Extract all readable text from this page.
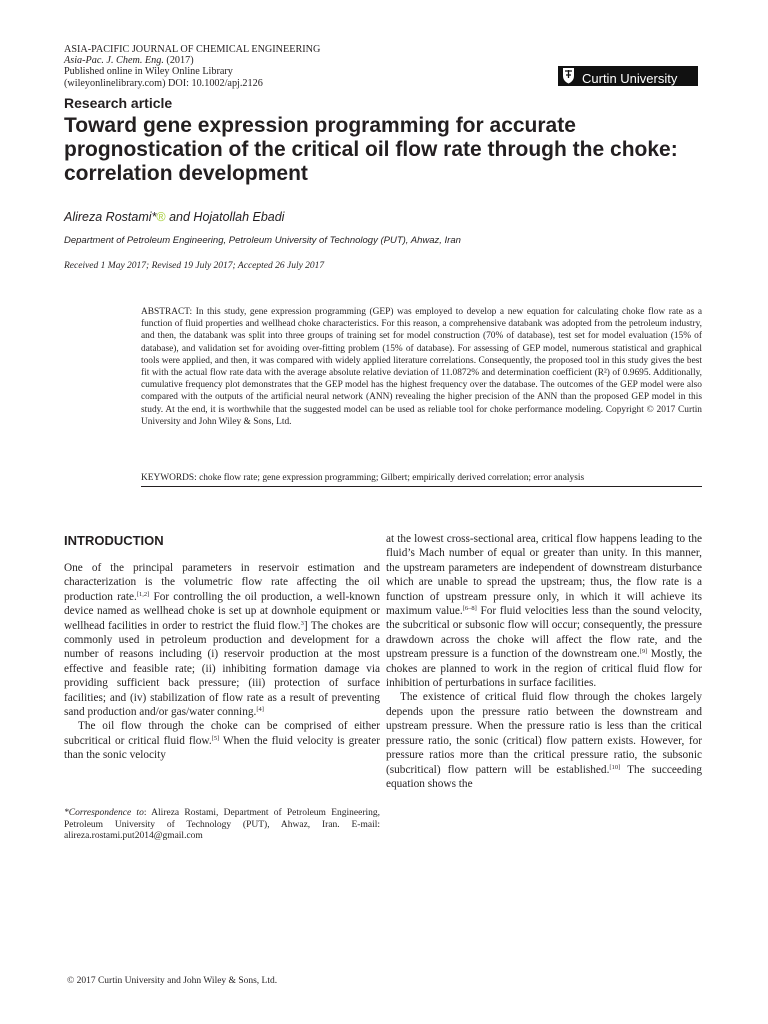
ASIA-PACIFIC JOURNAL OF CHEMICAL ENGINEERING
Asia-Pac. J. Chem. Eng. (2017)
Published online in Wiley Online Library
(wileyonlinelibrary.com) DOI: 10.1002/apj.2126	Curtin University
Research article
Toward gene expression programming for accurate prognostication of the critical oil flow rate through the choke: correlation development
Alireza Rostami*® and Hojatollah Ebadi
Department of Petroleum Engineering, Petroleum University of Technology (PUT), Ahwaz, Iran
Received 1 May 2017; Revised 19 July 2017; Accepted 26 July 2017
ABSTRACT: In this study, gene expression programming (GEP) was employed to develop a new equation for calculating choke flow rate as a function of fluid properties and wellhead choke characteristics. For this reason, a comprehensive databank was adopted from the petroleum industry, and then, the databank was split into three groups of training set for model construction (70% of database), test set for model evaluation (15% of database), and validation set for avoiding over-fitting problem (15% of database). For assessing of GEP model, numerous statistical and graphical tools were applied, and then, it was compared with widely applied literature correlations. Consequently, the proposed tool in this study gives the best fit with the actual flow rate data with the average absolute relative deviation of 11.0872% and determination coefficient (R²) of 0.9695. Additionally, cumulative frequency plot demonstrates that the GEP model has the highest frequency over the database. The outcomes of the GEP model were also compared with the outputs of the artificial neural network (ANN) revealing the higher precision of the ANN than the proposed GEP model in this study. At the end, it is worthwhile that the suggested model can be used as reliable tool for choke performance modeling. Copyright © 2017 Curtin University and John Wiley & Sons, Ltd.
KEYWORDS: choke flow rate; gene expression programming; Gilbert; empirically derived correlation; error analysis
INTRODUCTION

One of the principal parameters in reservoir estimation and characterization is the volumetric flow rate affecting the oil production rate.[1,2] For controlling the oil production, a well-known device named as wellhead choke is set up at downhole equipment or wellhead facilities in order to restrict the fluid flow.$^3$] The chokes are commonly used in petroleum production and development for a number of reasons including (i) reservoir production at the most effective and feasible rate; (ii) inhibiting formation damage via providing sufficient back pressure; (iii) protection of surface facilities; and (iv) stabilization of flow rate as a result of preventing sand production and/or gas/water conning.[4]

The oil flow through the choke can be comprised of either subcritical or critical fluid flow.[5] When the fluid velocity is greater than the sonic velocity

at the lowest cross-sectional area, critical flow happens leading to the fluid’s Mach number of equal or greater than unity. In this manner, the upstream parameters are independent of downstream disturbance which are unable to spread the upstream; thus, the flow rate is a function of upstream pressure only, in which it will achieve its maximum value.[6–8] For fluid velocities less than the sound velocity, the subcritical or subsonic flow will occur; consequently, the pressure drawdown across the choke will affect the flow rate, and the upstream pressure is a function of the downstream one.[9] Mostly, the chokes are planned to work in the region of critical fluid flow for inhibition of perturbations in surface facilities.

The existence of critical fluid flow through the chokes largely depends upon the pressure ratio between the downstream and upstream pressure. When the pressure ratio is less than the critical pressure ratio, the sonic (critical) flow pattern exists. However, for pressure ratios more than the critical pressure ratio, the subsonic (subcritical) flow pattern will be established.[10] The succeeding equation shows the

*Correspondence to: Alireza Rostami, Department of Petroleum Engineering, Petroleum University of Technology (PUT), Ahwaz, Iran. E-mail: alireza.rostami.put2014@gmail.com
© 2017 Curtin University and John Wiley & Sons, Ltd.
